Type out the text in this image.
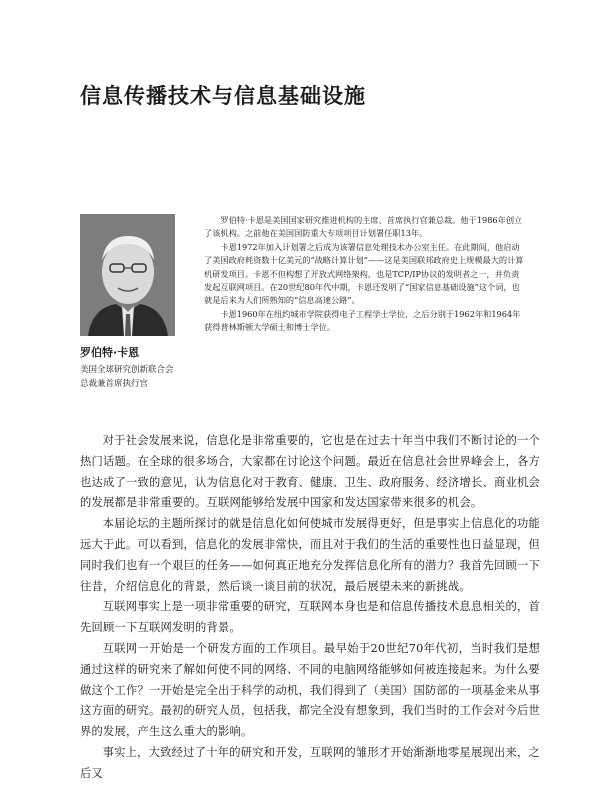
信息传播技术与信息基础设施
罗伯特·卡恩
美国全球研究创新联合会
总裁兼首席执行官

罗伯特·卡恩是美国国家研究推进机构的主席、首席执行官兼总裁。他于1986年创立了该机构。之前他在美国国防重大专项项目计划署任职13年。

卡恩1972年加入计划署之后成为该署信息处理技术办公室主任。在此期间，他启动了美国政府耗资数十亿美元的“战略计算计划”——这是美国联邦政府史上规模最大的计算机研发项目。卡恩不但构想了开放式网络架构，也是TCP/IP协议的发明者之一，并负责发起互联网项目。在20世纪80年代中期，卡恩还发明了“国家信息基础设施”这个词，也就是后来为人们所熟知的“信息高速公路”。

卡恩1960年在纽约城市学院获得电子工程学士学位，之后分别于1962年和1964年获得普林斯顿大学硕士和博士学位。

对于社会发展来说，信息化是非常重要的，它也是在过去十年当中我们不断讨论的一个热门话题。在全球的很多场合，大家都在讨论这个问题。最近在信息社会世界峰会上，各方也达成了一致的意见，认为信息化对于教育、健康、卫生、政府服务、经济增长、商业机会的发展都是非常重要的。互联网能够给发展中国家和发达国家带来很多的机会。

本届论坛的主题所探讨的就是信息化如何使城市发展得更好，但是事实上信息化的功能远大于此。可以看到，信息化的发展非常快，而且对于我们的生活的重要性也日益显现，但同时我们也有一个艰巨的任务——如何真正地充分发挥信息化所有的潜力？我首先回顾一下往昔，介绍信息化的背景，然后谈一谈目前的状况，最后展望未来的新挑战。

互联网事实上是一项非常重要的研究，互联网本身也是和信息传播技术息息相关的，首先回顾一下互联网发明的背景。

互联网一开始是一个研发方面的工作项目。最早始于20世纪70年代初，当时我们是想通过这样的研究来了解如何使不同的网络、不同的电脑网络能够如何被连接起来。为什么要做这个工作？一开始是完全出于科学的动机，我们得到了（美国）国防部的一项基金来从事这方面的研究。最初的研究人员，包括我，都完全没有想象到，我们当时的工作会对今后世界的发展，产生这么重大的影响。

事实上，大致经过了十年的研究和开发，互联网的雏形才开始渐渐地零星展现出来，之后又
